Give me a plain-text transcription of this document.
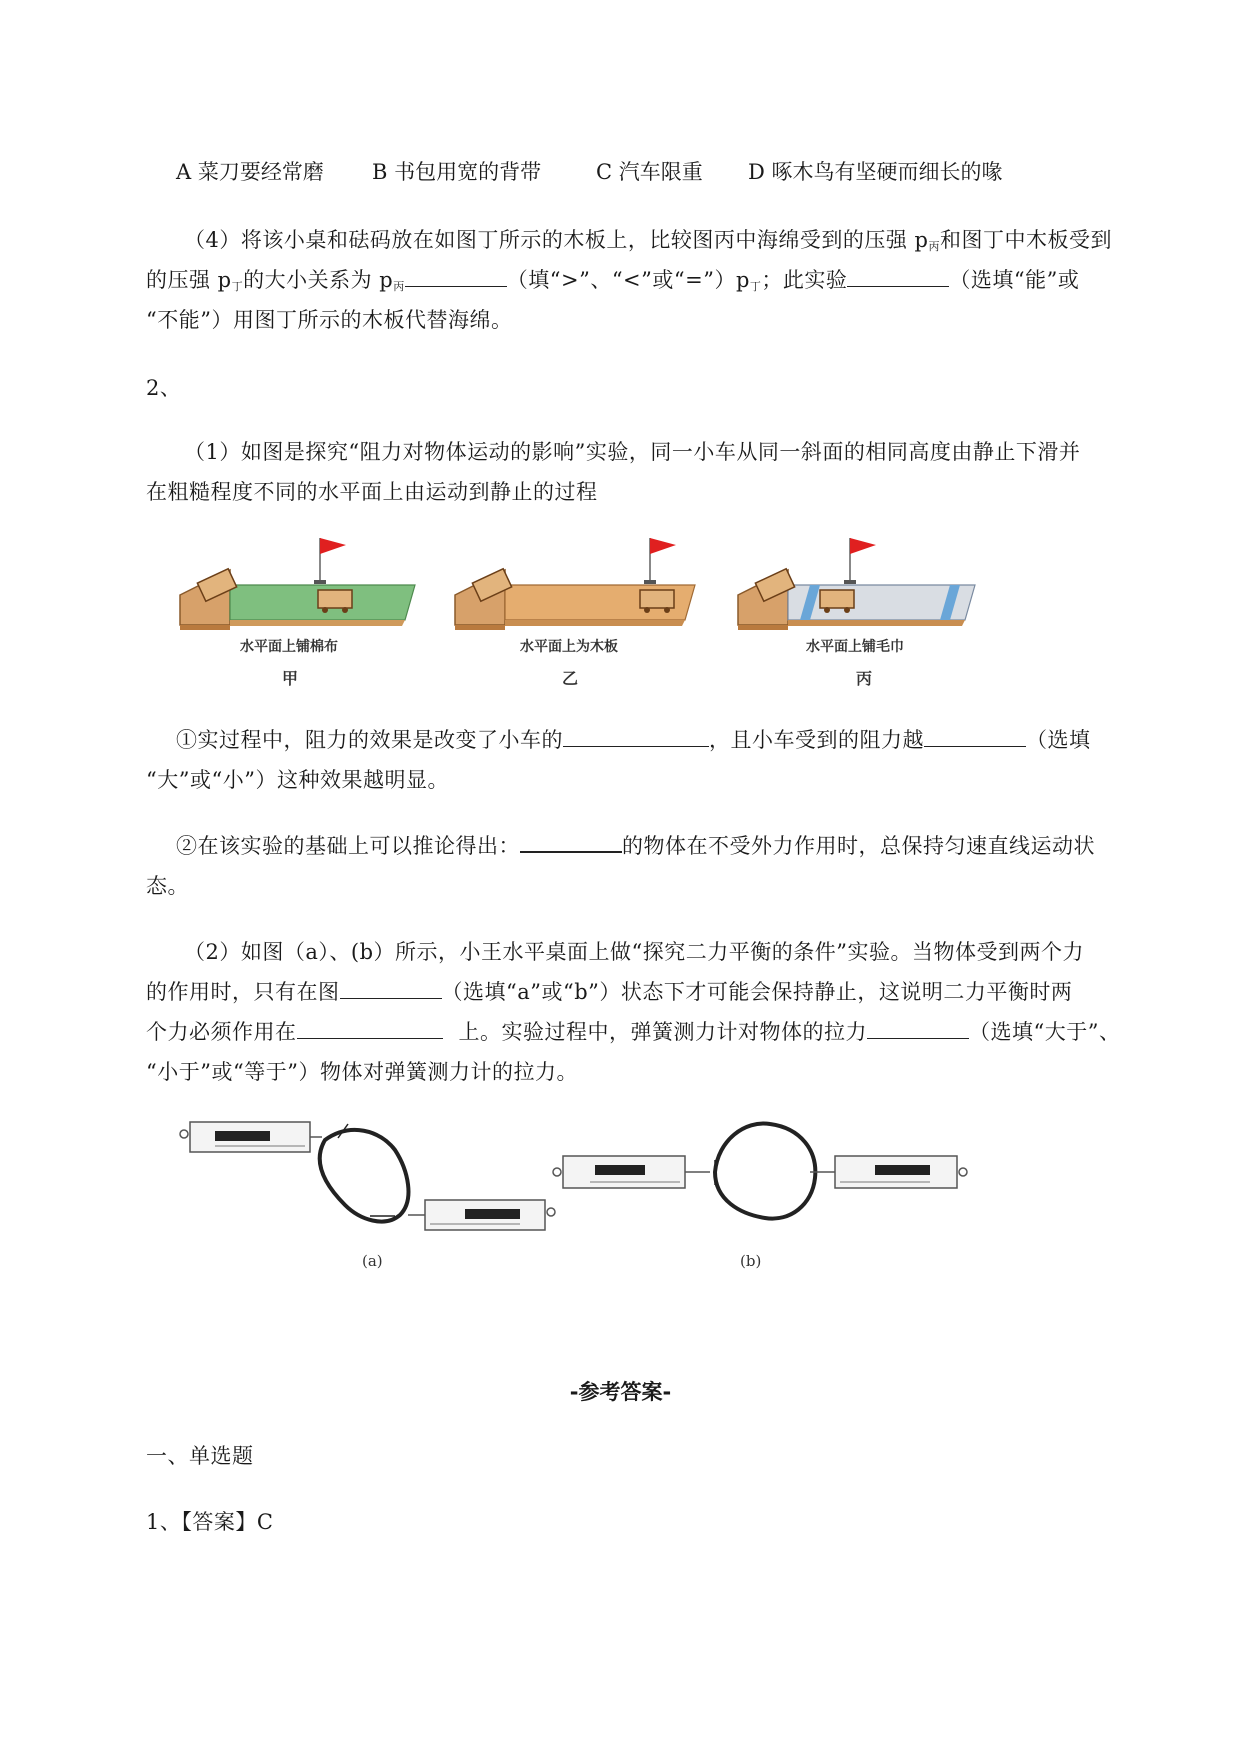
A 菜刀要经常磨 B 书包用宽的背带	C 汽车限重 D 啄木鸟有坚硬而细长的喙
（4）将该小桌和砝码放在如图丁所示的木板上，比较图丙中海绵受到的压强 $p_丙$和图丁中木板受到
的压强 $p_丁$的大小关系为 $p_丙$	（填“>”、“<”或“$=”)p_丁$；此实验	（选填“能”或
“不能”）用图丁所示的木板代替海绵。
2、
（1）如图是探究“阻力对物体运动的影响”实验，同一小车从同一斜面的相同高度由静止下滑并
在粗糙程度不同的水平面上由运动到静止的过程
水平面上铺棉布	水平面上为木板	水平面上铺毛巾
甲	乙	丙
①实过程中，阻力的效果是改变了小车的	，且小车受到的阻力越	（选填
“大”或“小”）这种效果越明显。
②在该实验的基础上可以推论得出：	的物体在不受外力作用时，总保持匀速直线运动状
态。
（2）如图（a）、(b）所示，小王水平桌面上做“探究二力平衡的条件”实验。当物体受到两个力
的作用时，只有在图	（选填“a”或“b”）状态下才可能会保持静止，这说明二力平衡时两
个力必须作用在	上。实验过程中，弹簧测力计对物体的拉力	（选填“大于”、
“小于”或“等于”）物体对弹簧测力计的拉力。
(a)	(b)
-参考答案-
一、单选题
1、【答案】C
